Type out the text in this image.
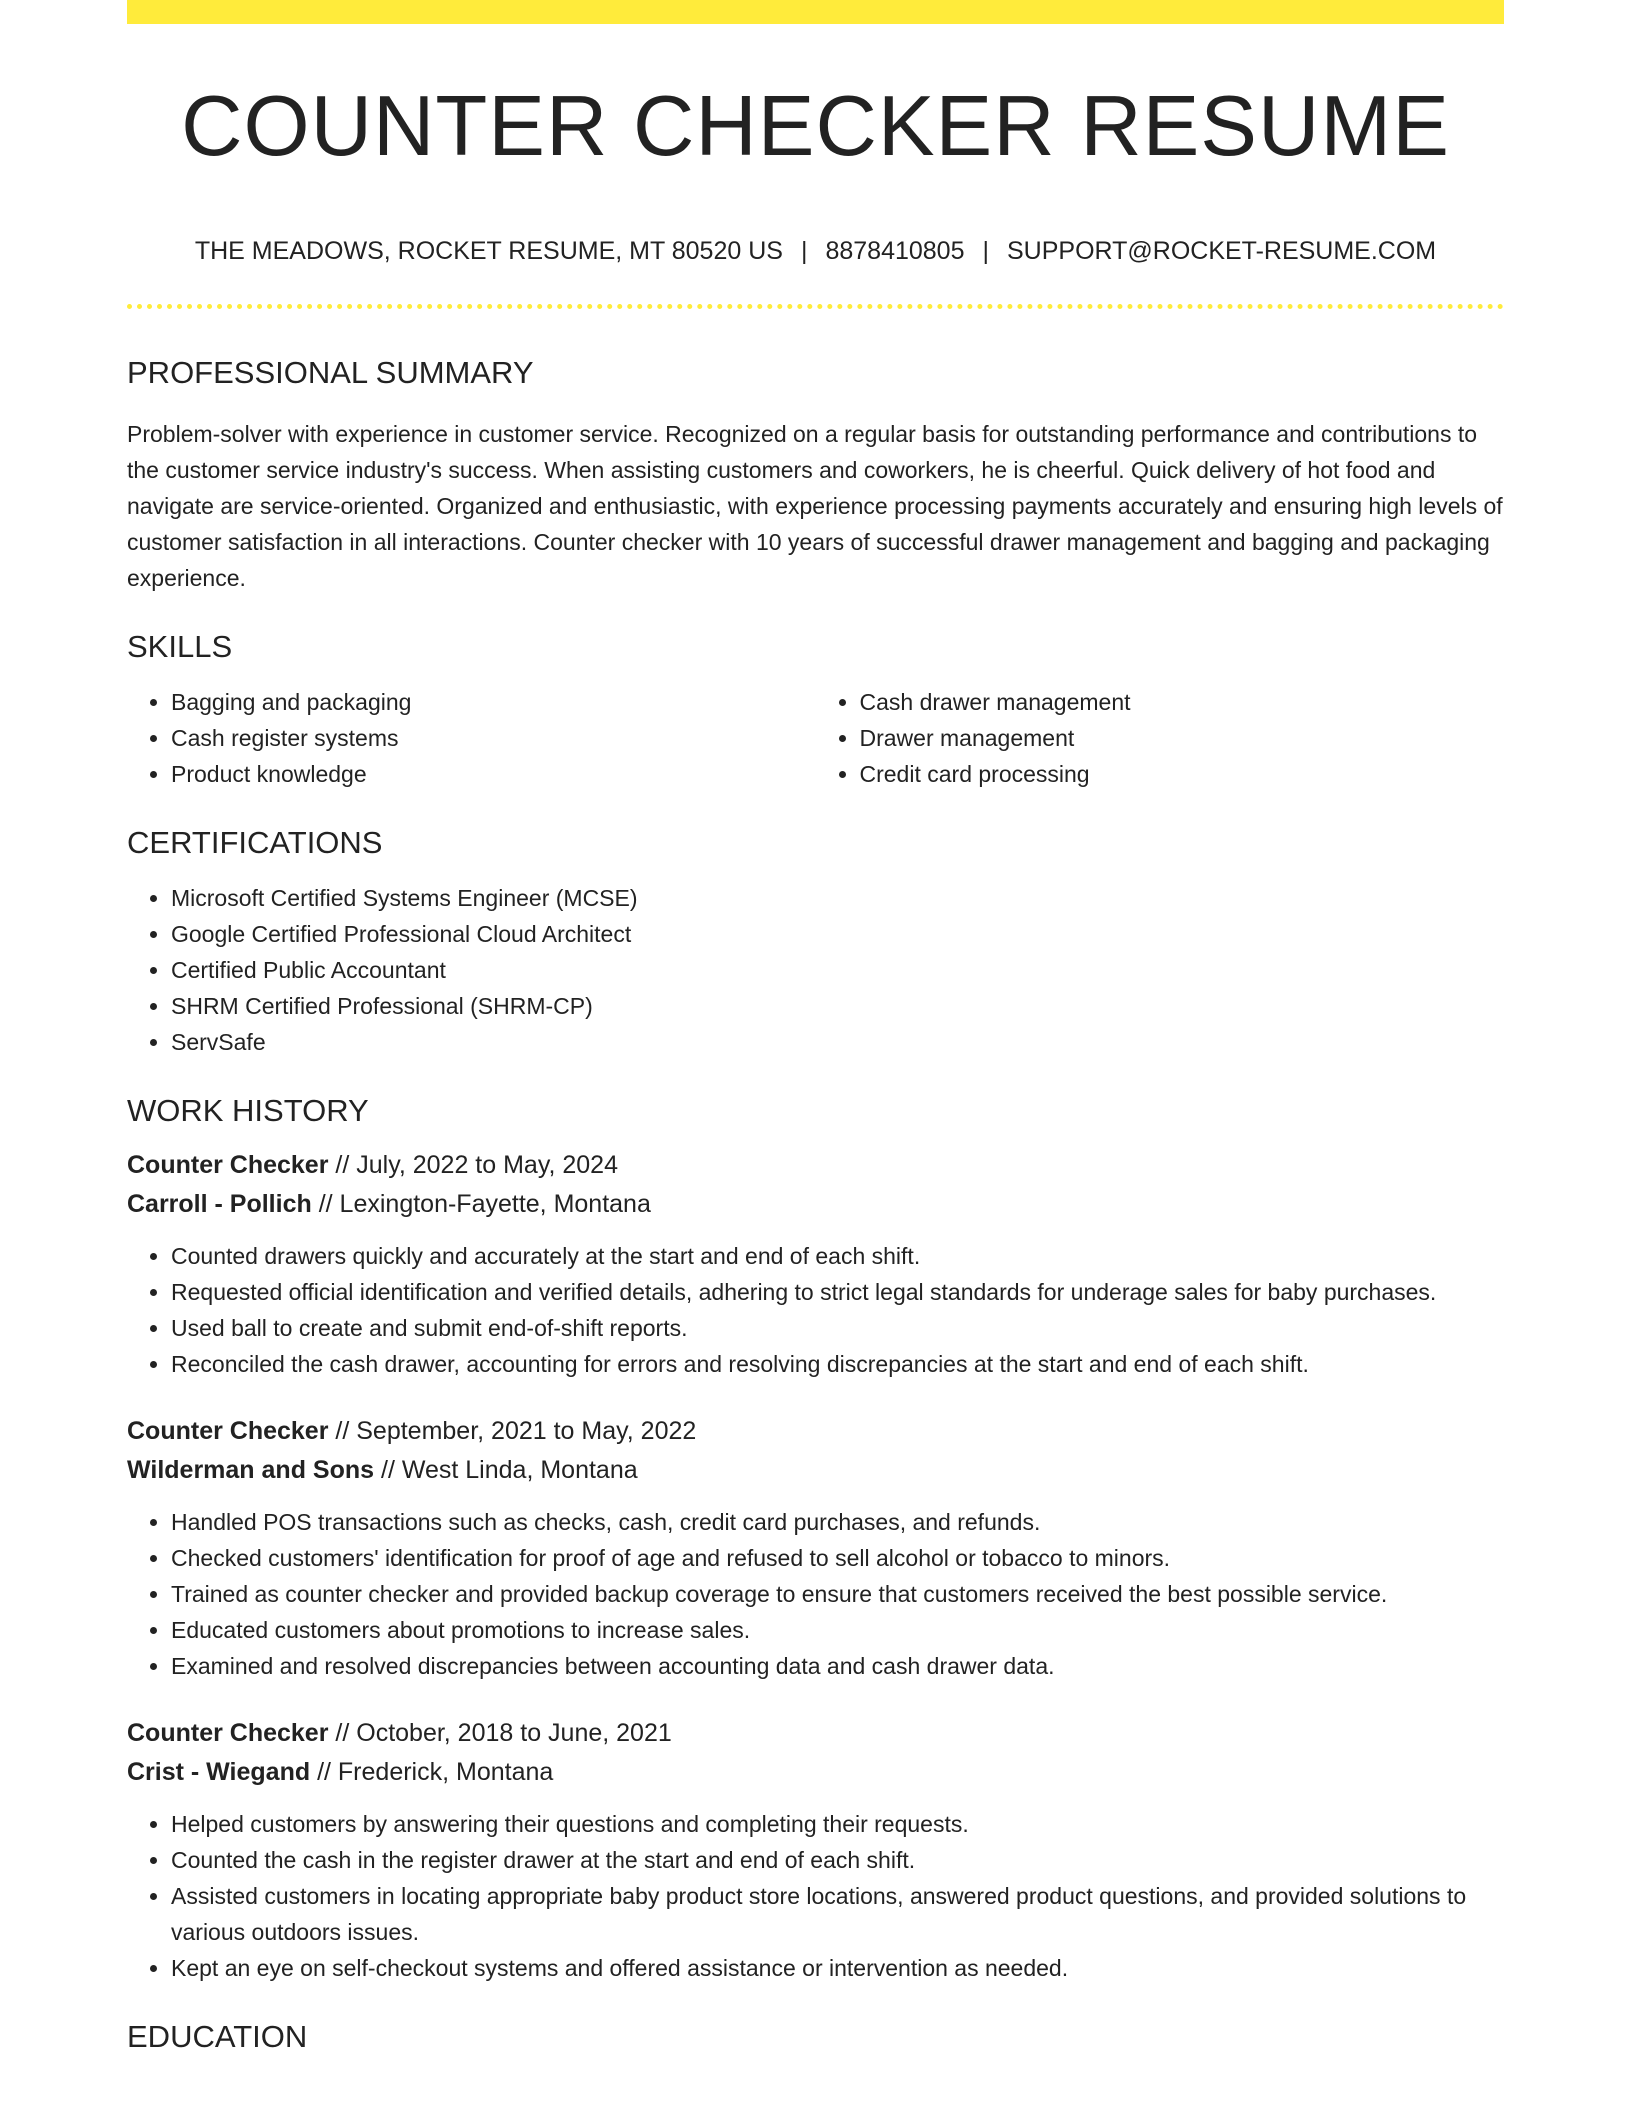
COUNTER CHECKER RESUME
THE MEADOWS, ROCKET RESUME, MT 80520 US | 8878410805 | SUPPORT@ROCKET-RESUME.COM
PROFESSIONAL SUMMARY

Problem-solver with experience in customer service. Recognized on a regular basis for outstanding performance and contributions to the customer service industry's success. When assisting customers and coworkers, he is cheerful. Quick delivery of hot food and navigate are service-oriented. Organized and enthusiastic, with experience processing payments accurately and ensuring high levels of customer satisfaction in all interactions. Counter checker with 10 years of successful drawer management and bagging and packaging experience.

SKILLS
• Bagging and packaging
• Cash register systems
• Product knowledge
• Cash drawer management
• Drawer management
• Credit card processing
CERTIFICATIONS
• Microsoft Certified Systems Engineer (MCSE)
• Google Certified Professional Cloud Architect
• Certified Public Accountant
• SHRM Certified Professional (SHRM-CP)
• ServSafe
WORK HISTORY
Counter Checker // July, 2022 to May, 2024
Carroll - Pollich // Lexington-Fayette, Montana
• Counted drawers quickly and accurately at the start and end of each shift.
• Requested official identification and verified details, adhering to strict legal standards for underage sales for baby purchases.
• Used ball to create and submit end-of-shift reports.
• Reconciled the cash drawer, accounting for errors and resolving discrepancies at the start and end of each shift.
Counter Checker // September, 2021 to May, 2022
Wilderman and Sons // West Linda, Montana
• Handled POS transactions such as checks, cash, credit card purchases, and refunds.
• Checked customers' identification for proof of age and refused to sell alcohol or tobacco to minors.
• Trained as counter checker and provided backup coverage to ensure that customers received the best possible service.
• Educated customers about promotions to increase sales.
• Examined and resolved discrepancies between accounting data and cash drawer data.
Counter Checker // October, 2018 to June, 2021
Crist - Wiegand // Frederick, Montana
• Helped customers by answering their questions and completing their requests.
• Counted the cash in the register drawer at the start and end of each shift.
• Assisted customers in locating appropriate baby product store locations, answered product questions, and provided solutions to various outdoors issues.
• Kept an eye on self-checkout systems and offered assistance or intervention as needed.
EDUCATION
